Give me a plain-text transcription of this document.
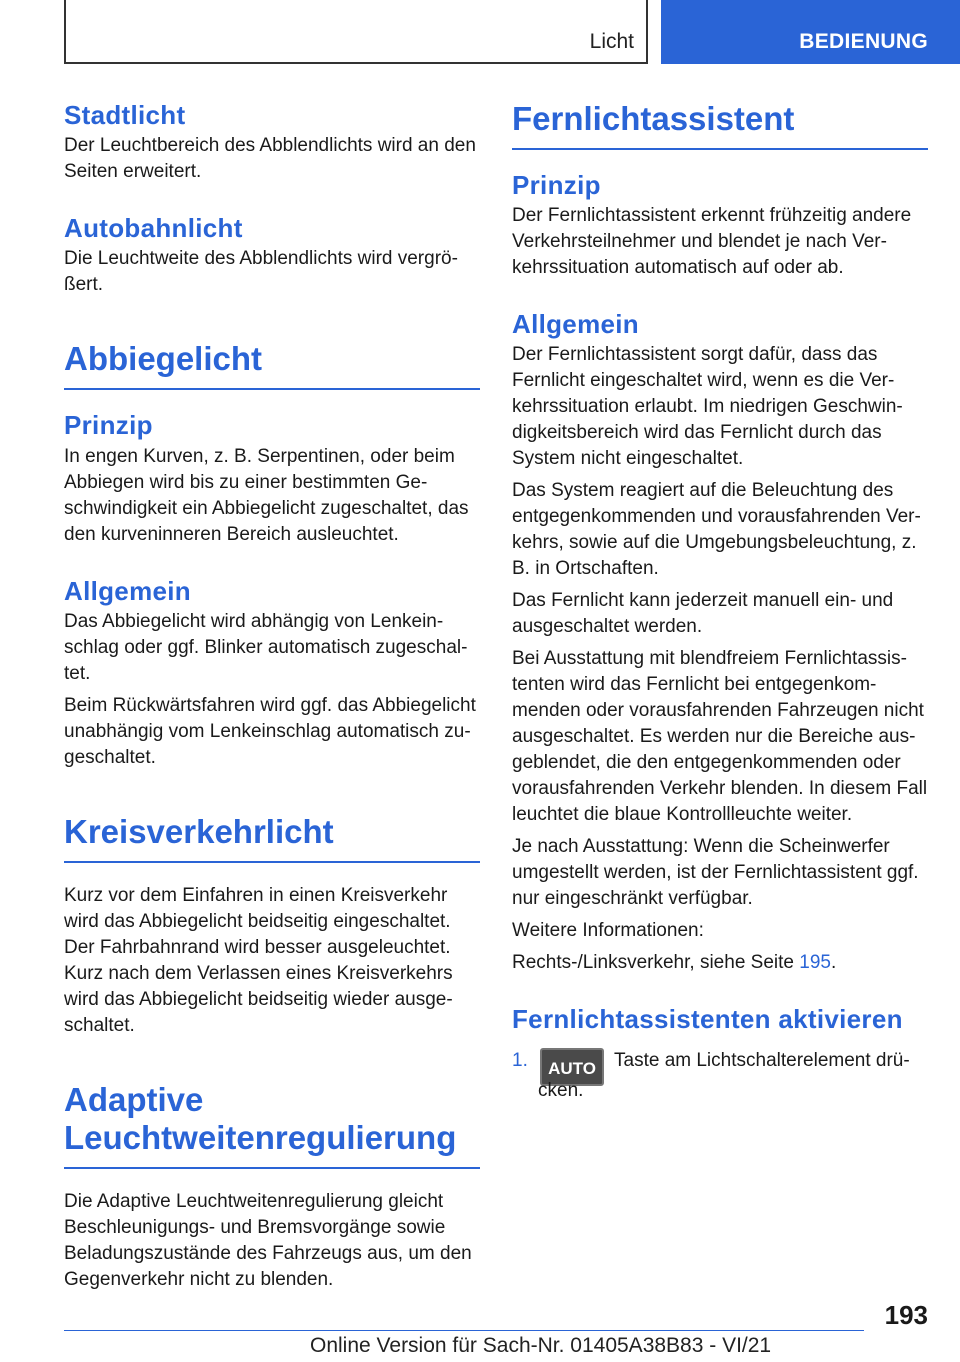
Licht	BEDIENUNG
Stadtlicht

Der Leuchtbereich des Abblendlichts wird an den Seiten erweitert.

Autobahnlicht

Die Leuchtweite des Abblendlichts wird vergrö-ßert.

Abbiegelicht
Prinzip

In engen Kurven, z. B. Serpentinen, oder beim Abbiegen wird bis zu einer bestimmten Ge-schwindigkeit ein Abbiegelicht zugeschaltet, das den kurveninneren Bereich ausleuchtet.

Allgemein

Das Abbiegelicht wird abhängig von Lenkein-schlag oder ggf. Blinker automatisch zugeschal-tet.

Beim Rückwärtsfahren wird ggf. das Abbiegelicht unabhängig vom Lenkeinschlag automatisch zu-geschaltet.

Kreisverkehrlicht

Kurz vor dem Einfahren in einen Kreisverkehr wird das Abbiegelicht beidseitig eingeschaltet. Der Fahrbahnrand wird besser ausgeleuchtet. Kurz nach dem Verlassen eines Kreisverkehrs wird das Abbiegelicht beidseitig wieder ausge-schaltet.

Adaptive
Leuchtweitenregulierung

Die Adaptive Leuchtweitenregulierung gleicht Beschleunigungs- und Bremsvorgänge sowie Beladungszustände des Fahrzeugs aus, um den Gegenverkehr nicht zu blenden.

Fernlichtassistent
Prinzip

Der Fernlichtassistent erkennt frühzeitig andere Verkehrsteilnehmer und blendet je nach Ver-kehrssituation automatisch auf oder ab.

Allgemein

Der Fernlichtassistent sorgt dafür, dass das Fernlicht eingeschaltet wird, wenn es die Ver-kehrssituation erlaubt. Im niedrigen Geschwin-digkeitsbereich wird das Fernlicht durch das System nicht eingeschaltet.

Das System reagiert auf die Beleuchtung des entgegenkommenden und vorausfahrenden Ver-kehrs, sowie auf die Umgebungsbeleuchtung, z. B. in Ortschaften.

Das Fernlicht kann jederzeit manuell ein- und ausgeschaltet werden.

Bei Ausstattung mit blendfreiem Fernlichtassis-tenten wird das Fernlicht bei entgegenkom-menden oder vorausfahrenden Fahrzeugen nicht ausgeschaltet. Es werden nur die Bereiche aus-geblendet, die den entgegenkommenden oder vorausfahrenden Verkehr blenden. In diesem Fall leuchtet die blaue Kontrollleuchte weiter.

Je nach Ausstattung: Wenn die Scheinwerfer umgestellt werden, ist der Fernlichtassistent ggf. nur eingeschränkt verfügbar.

Weitere Informationen:

Rechts-/Linksverkehr, siehe Seite 195.

Fernlichtassistenten aktivieren
1.	AUTO Taste am Lichtschalterelement drü-cken.
193
Online Version für Sach-Nr. 01405A38B83 - VI/21
